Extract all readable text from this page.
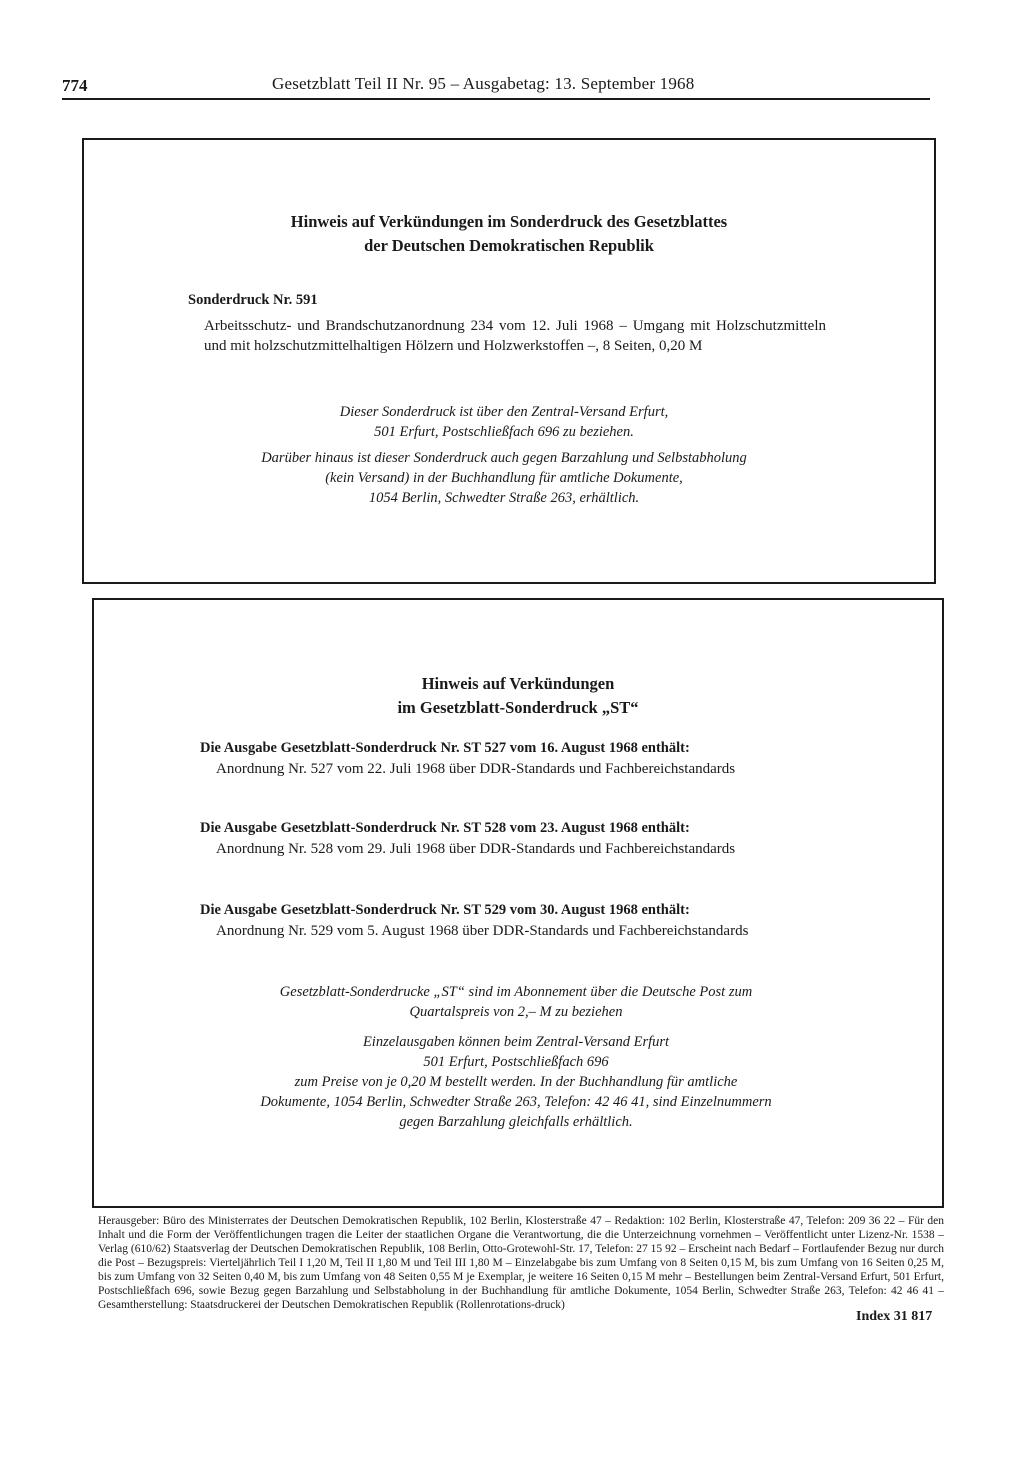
774	Gesetzblatt Teil II Nr. 95 – Ausgabetag: 13. September 1968
Hinweis auf Verkündungen im Sonderdruck des Gesetzblattes
der Deutschen Demokratischen Republik
Sonderdruck Nr. 591

Arbeitsschutz- und Brandschutzanordnung 234 vom 12. Juli 1968 – Umgang mit Holzschutzmitteln und mit holzschutzmittelhaltigen Hölzern und Holzwerkstoffen –, 8 Seiten, 0,20 M

Dieser Sonderdruck ist über den Zentral-Versand Erfurt,
501 Erfurt, Postschließfach 696 zu beziehen.
Darüber hinaus ist dieser Sonderdruck auch gegen Barzahlung und Selbstabholung
(kein Versand) in der Buchhandlung für amtliche Dokumente,
1054 Berlin, Schwedter Straße 263, erhältlich.
Hinweis auf Verkündungen
im Gesetzblatt-Sonderdruck „ST“

Die Ausgabe Gesetzblatt-Sonderdruck Nr. ST 527 vom 16. August 1968 enthält:

Anordnung Nr. 527 vom 22. Juli 1968 über DDR-Standards und Fachbereichstandards

Die Ausgabe Gesetzblatt-Sonderdruck Nr. ST 528 vom 23. August 1968 enthält:

Anordnung Nr. 528 vom 29. Juli 1968 über DDR-Standards und Fachbereichstandards

Die Ausgabe Gesetzblatt-Sonderdruck Nr. ST 529 vom 30. August 1968 enthält:

Anordnung Nr. 529 vom 5. August 1968 über DDR-Standards und Fachbereichstandards

Gesetzblatt-Sonderdrucke „ST“ sind im Abonnement über die Deutsche Post zum
Quartalspreis von 2,– M zu beziehen
Einzelausgaben können beim Zentral-Versand Erfurt
501 Erfurt, Postschließfach 696
zum Preise von je 0,20 M bestellt werden. In der Buchhandlung für amtliche
Dokumente, 1054 Berlin, Schwedter Straße 263, Telefon: 42 46 41, sind Einzelnummern
gegen Barzahlung gleichfalls erhältlich.

Herausgeber: Büro des Ministerrates der Deutschen Demokratischen Republik, 102 Berlin, Klosterstraße 47 – Redaktion: 102 Berlin, Klosterstraße 47, Telefon: 209 36 22 – Für den Inhalt und die Form der Veröffentlichungen tragen die Leiter der staatlichen Organe die Verantwortung, die die Unterzeichnung vornehmen – Veröffentlicht unter Lizenz-Nr. 1538 – Verlag (610/62) Staatsverlag der Deutschen Demokratischen Republik, 108 Berlin, Otto-Grotewohl-Str. 17, Telefon: 27 15 92 – Erscheint nach Bedarf – Fortlaufender Bezug nur durch die Post – Bezugspreis: Vierteljährlich Teil I 1,20 M, Teil II 1,80 M und Teil III 1,80 M – Einzelabgabe bis zum Umfang von 8 Seiten 0,15 M, bis zum Umfang von 16 Seiten 0,25 M, bis zum Umfang von 32 Seiten 0,40 M, bis zum Umfang von 48 Seiten 0,55 M je Exemplar, je weitere 16 Seiten 0,15 M mehr – Bestellungen beim Zentral-Versand Erfurt, 501 Erfurt, Postschließfach 696, sowie Bezug gegen Barzahlung und Selbstabholung in der Buchhandlung für amtliche Dokumente, 1054 Berlin, Schwedter Straße 263, Telefon: 42 46 41 – Gesamtherstellung: Staatsdruckerei der Deutschen Demokratischen Republik (Rollenrotations-druck)

Index 31 817
